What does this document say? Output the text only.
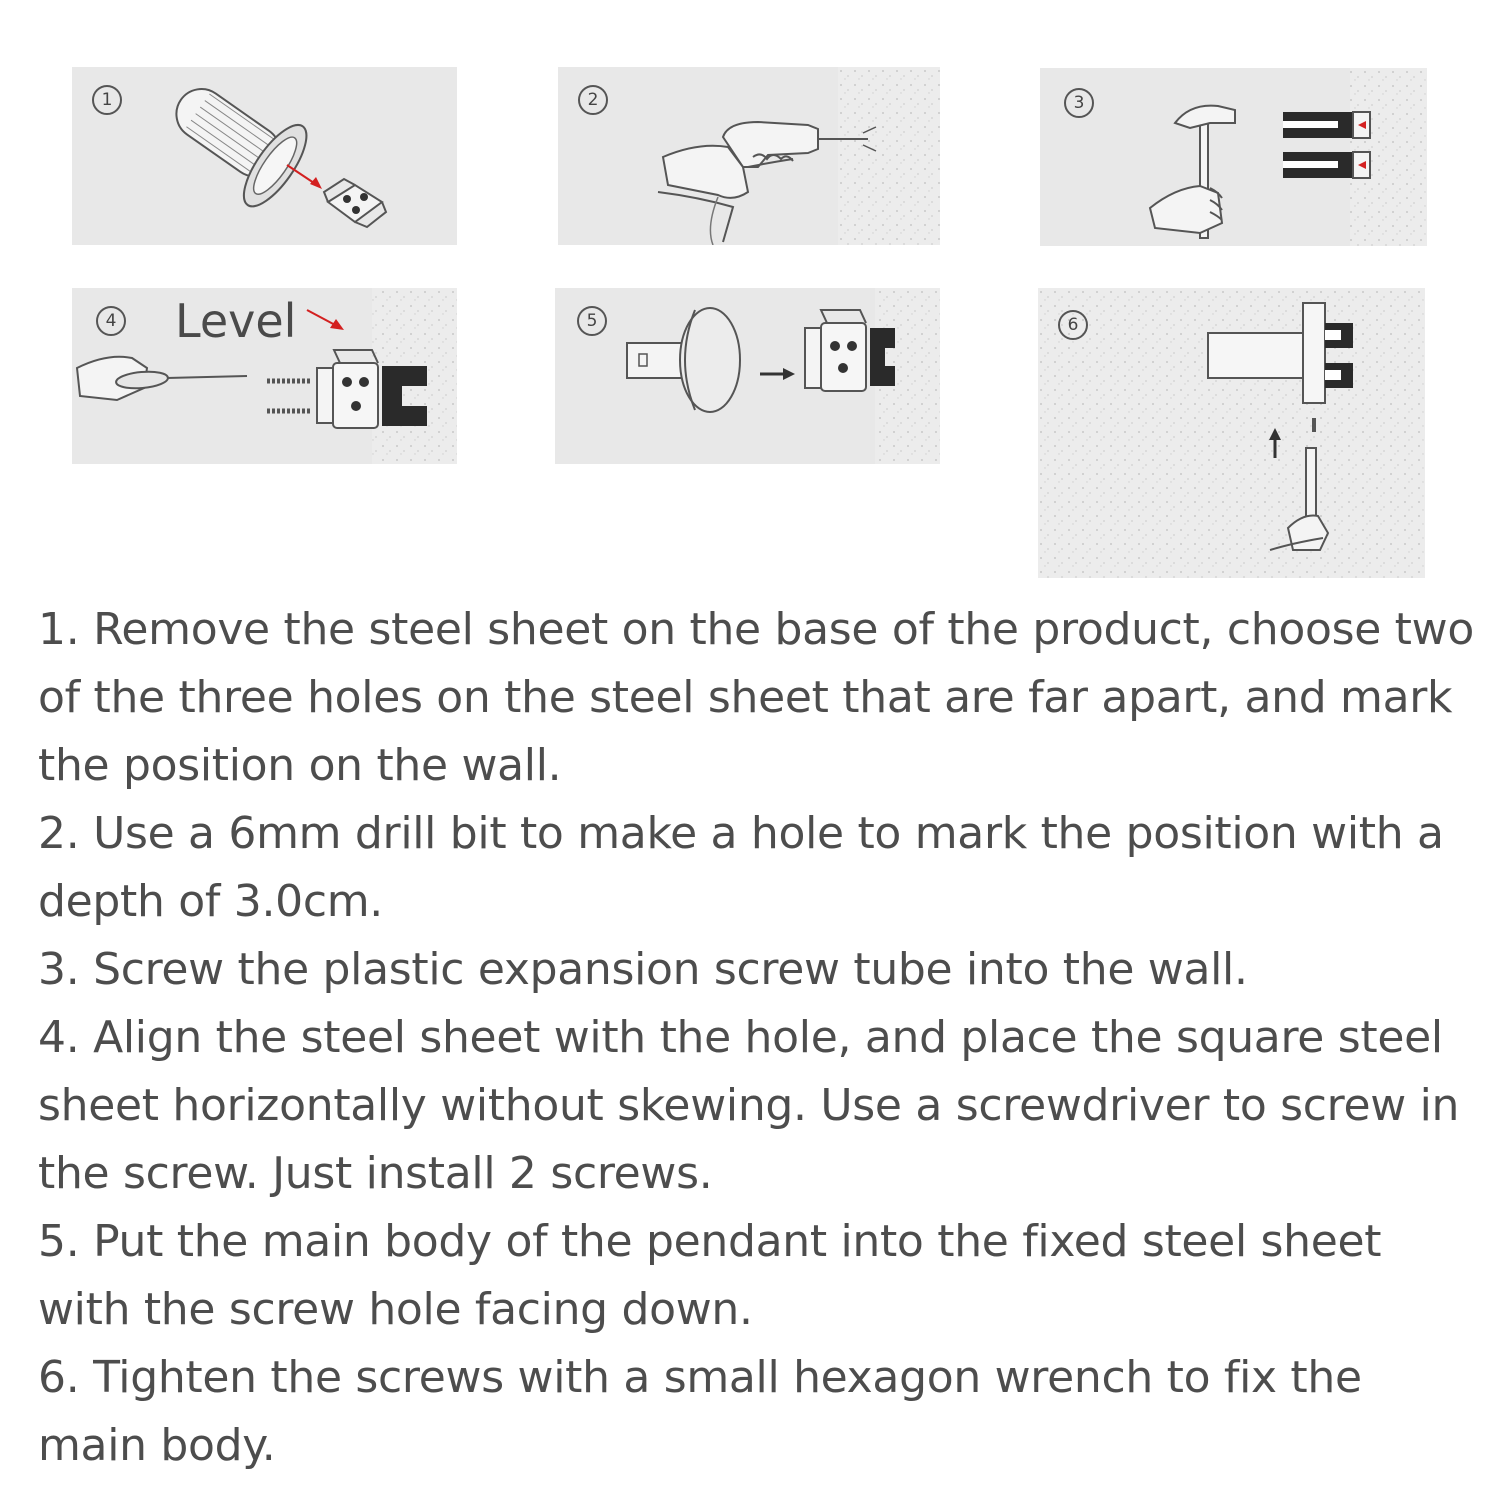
1	2	3
4 Level	5	6
1. Remove the steel sheet on the base of the product, choose two of the three holes on the steel sheet that are far apart, and mark the position on the wall.
2. Use a 6mm drill bit to make a hole to mark the position with a depth of 3.0cm.
3. Screw the plastic expansion screw tube into the wall.
4. Align the steel sheet with the hole, and place the square steel sheet horizontally without skewing. Use a screwdriver to screw in the screw. Just install 2 screws.
5. Put the main body of the pendant into the fixed steel sheet with the screw hole facing down.
6. Tighten the screws with a small hexagon wrench to fix the main body.
